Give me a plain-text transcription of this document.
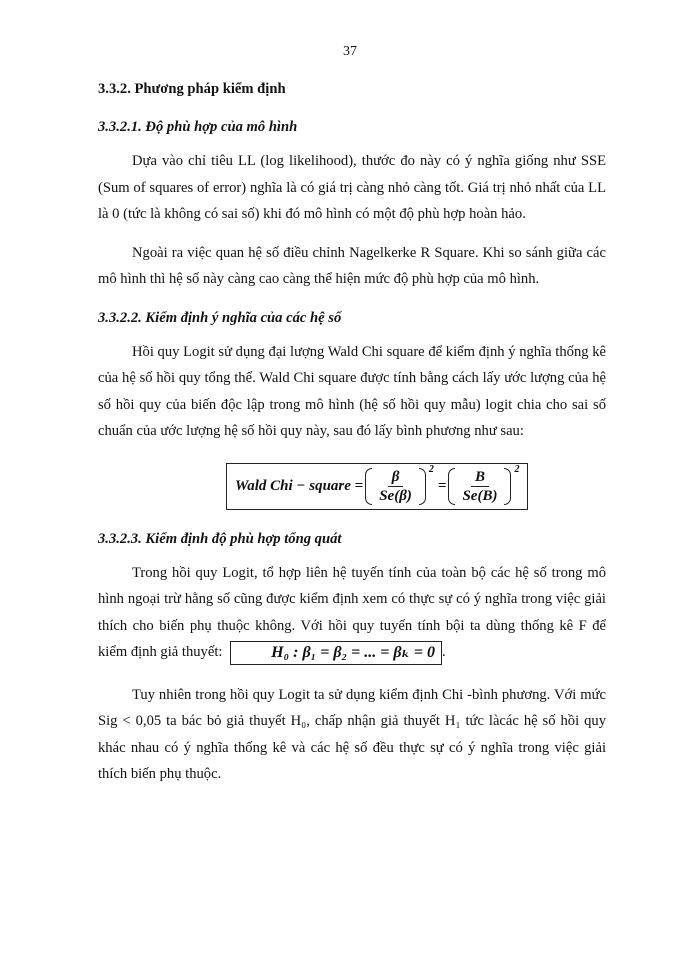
37
3.3.2. Phương pháp kiểm định
3.3.2.1. Độ phù hợp của mô hình

Dựa vào chỉ tiêu LL (log likelihood), thước đo này có ý nghĩa giống như SSE (Sum of squares of error) nghĩa là có giá trị càng nhỏ càng tốt. Giá trị nhỏ nhất của LL là 0 (tức là không có sai số) khi đó mô hình có một độ phù hợp hoàn hảo.

Ngoài ra việc quan hệ số điều chỉnh Nagelkerke R Square. Khi so sánh giữa các mô hình thì hệ số này càng cao càng thể hiện mức độ phù hợp của mô hình.

3.3.2.2. Kiểm định ý nghĩa của các hệ số

Hồi quy Logit sử dụng đại lượng Wald Chi square để kiểm định ý nghĩa thống kê của hệ số hồi quy tổng thể. Wald Chi square được tính bằng cách lấy ước lượng của hệ số hồi quy của biến độc lập trong mô hình (hệ số hồi quy mẫu) logit chia cho sai số chuẩn của ước lượng hệ số hồi quy này, sau đó lấy bình phương như sau:

Wald Chi − square = $\frac{\beta}{Se(\beta)} 2$
= $\frac{B}{Se(B)} 2$
3.3.2.3. Kiểm định độ phù hợp tổng quát

Trong hồi quy Logit, tổ hợp liên hệ tuyến tính của toàn bộ các hệ số trong mô hình ngoại trừ hằng số cũng được kiểm định xem có thực sự có ý nghĩa trong việc giải thích cho biến phụ thuộc không. Với hồi quy tuyến tính bội ta dùng thống kê F để kiểm định giả thuyết:	H₀ : β₁ = β₂ = ... = βₖ = 0 .

Tuy nhiên trong hồi quy Logit ta sử dụng kiểm định Chi -bình phương. Với mức Sig < 0,05 ta bác bỏ giả thuyết H₀, chấp nhận giả thuyết H₁ tức làcác hệ số hồi quy khác nhau có ý nghĩa thống kê và các hệ số đều thực sự có ý nghĩa trong việc giải thích biến phụ thuộc.
